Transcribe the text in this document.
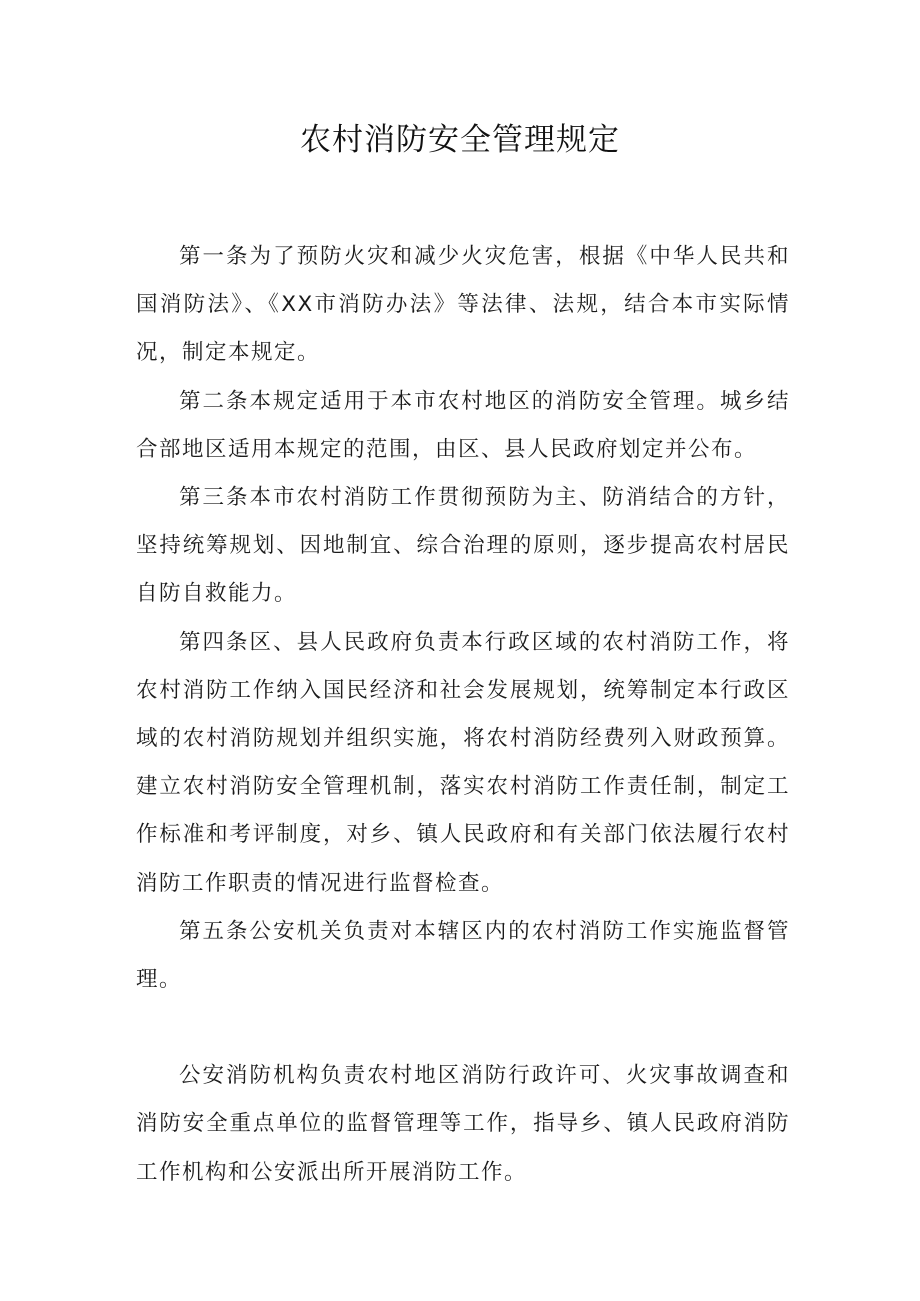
农村消防安全管理规定

第一条为了预防火灾和减少火灾危害，根据《中华人民共和国消防法》、《XX市消防办法》等法律、法规，结合本市实际情况，制定本规定。

第二条本规定适用于本市农村地区的消防安全管理。城乡结合部地区适用本规定的范围，由区、县人民政府划定并公布。

第三条本市农村消防工作贯彻预防为主、防消结合的方针，坚持统筹规划、因地制宜、综合治理的原则，逐步提高农村居民自防自救能力。

第四条区、县人民政府负责本行政区域的农村消防工作，将农村消防工作纳入国民经济和社会发展规划，统筹制定本行政区域的农村消防规划并组织实施，将农村消防经费列入财政预算。建立农村消防安全管理机制，落实农村消防工作责任制，制定工作标准和考评制度，对乡、镇人民政府和有关部门依法履行农村消防工作职责的情况进行监督检查。

第五条公安机关负责对本辖区内的农村消防工作实施监督管理。

公安消防机构负责农村地区消防行政许可、火灾事故调查和消防安全重点单位的监督管理等工作，指导乡、镇人民政府消防工作机构和公安派出所开展消防工作。
